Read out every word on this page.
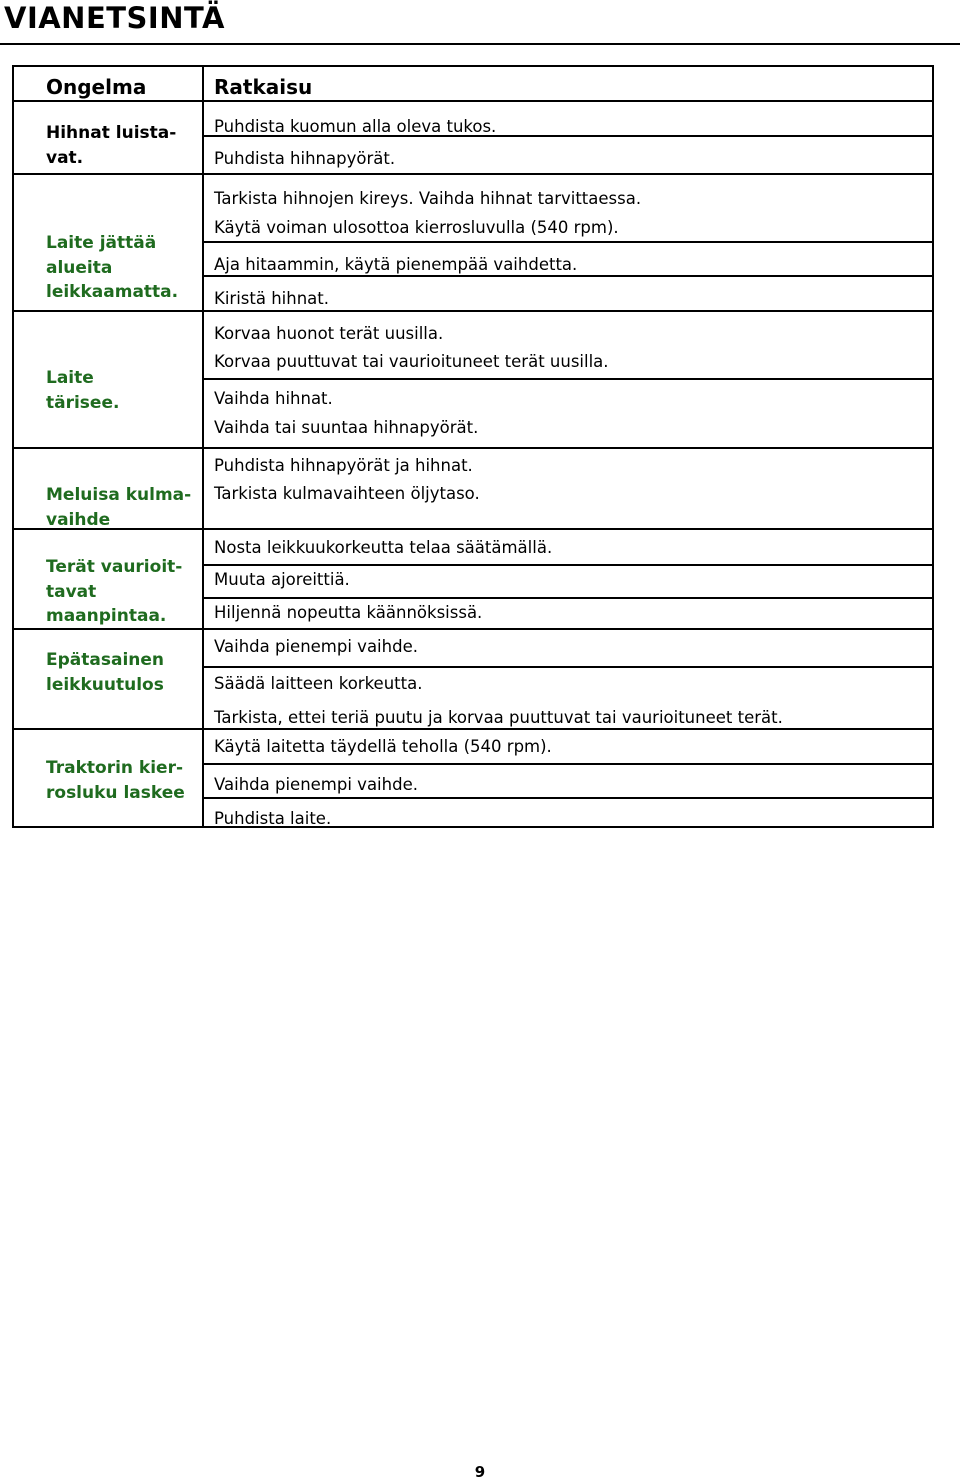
VIANETSINTÄ
Ongelma	Ratkaisu
Hihnat luista-
vat.
Laite jättää
alueita
leikkaamatta.
Laite
tärisee.
Meluisa kulma-
vaihde
Terät vaurioit-
tavat
maanpintaa.
Epätasainen
leikkuutulos
Traktorin kier-
rosluku laskee
Puhdista kuomun alla oleva tukos.
Puhdista hihnapyörät.
Tarkista hihnojen kireys. Vaihda hihnat tarvittaessa.
Käytä voiman ulosottoa kierrosluvulla (540 rpm).
Aja hitaammin, käytä pienempää vaihdetta.
Kiristä hihnat.
Korvaa huonot terät uusilla.
Korvaa puuttuvat tai vaurioituneet terät uusilla.
Vaihda hihnat.
Vaihda tai suuntaa hihnapyörät.
Puhdista hihnapyörät ja hihnat.
Tarkista kulmavaihteen öljytaso.
Nosta leikkuukorkeutta telaa säätämällä.
Muuta ajoreittiä.
Hiljennä nopeutta käännöksissä.
Vaihda pienempi vaihde.
Säädä laitteen korkeutta.
Tarkista, ettei teriä puutu ja korvaa puuttuvat tai vaurioituneet terät.
Käytä laitetta täydellä teholla (540 rpm).
Vaihda pienempi vaihde.
Puhdista laite.
9
